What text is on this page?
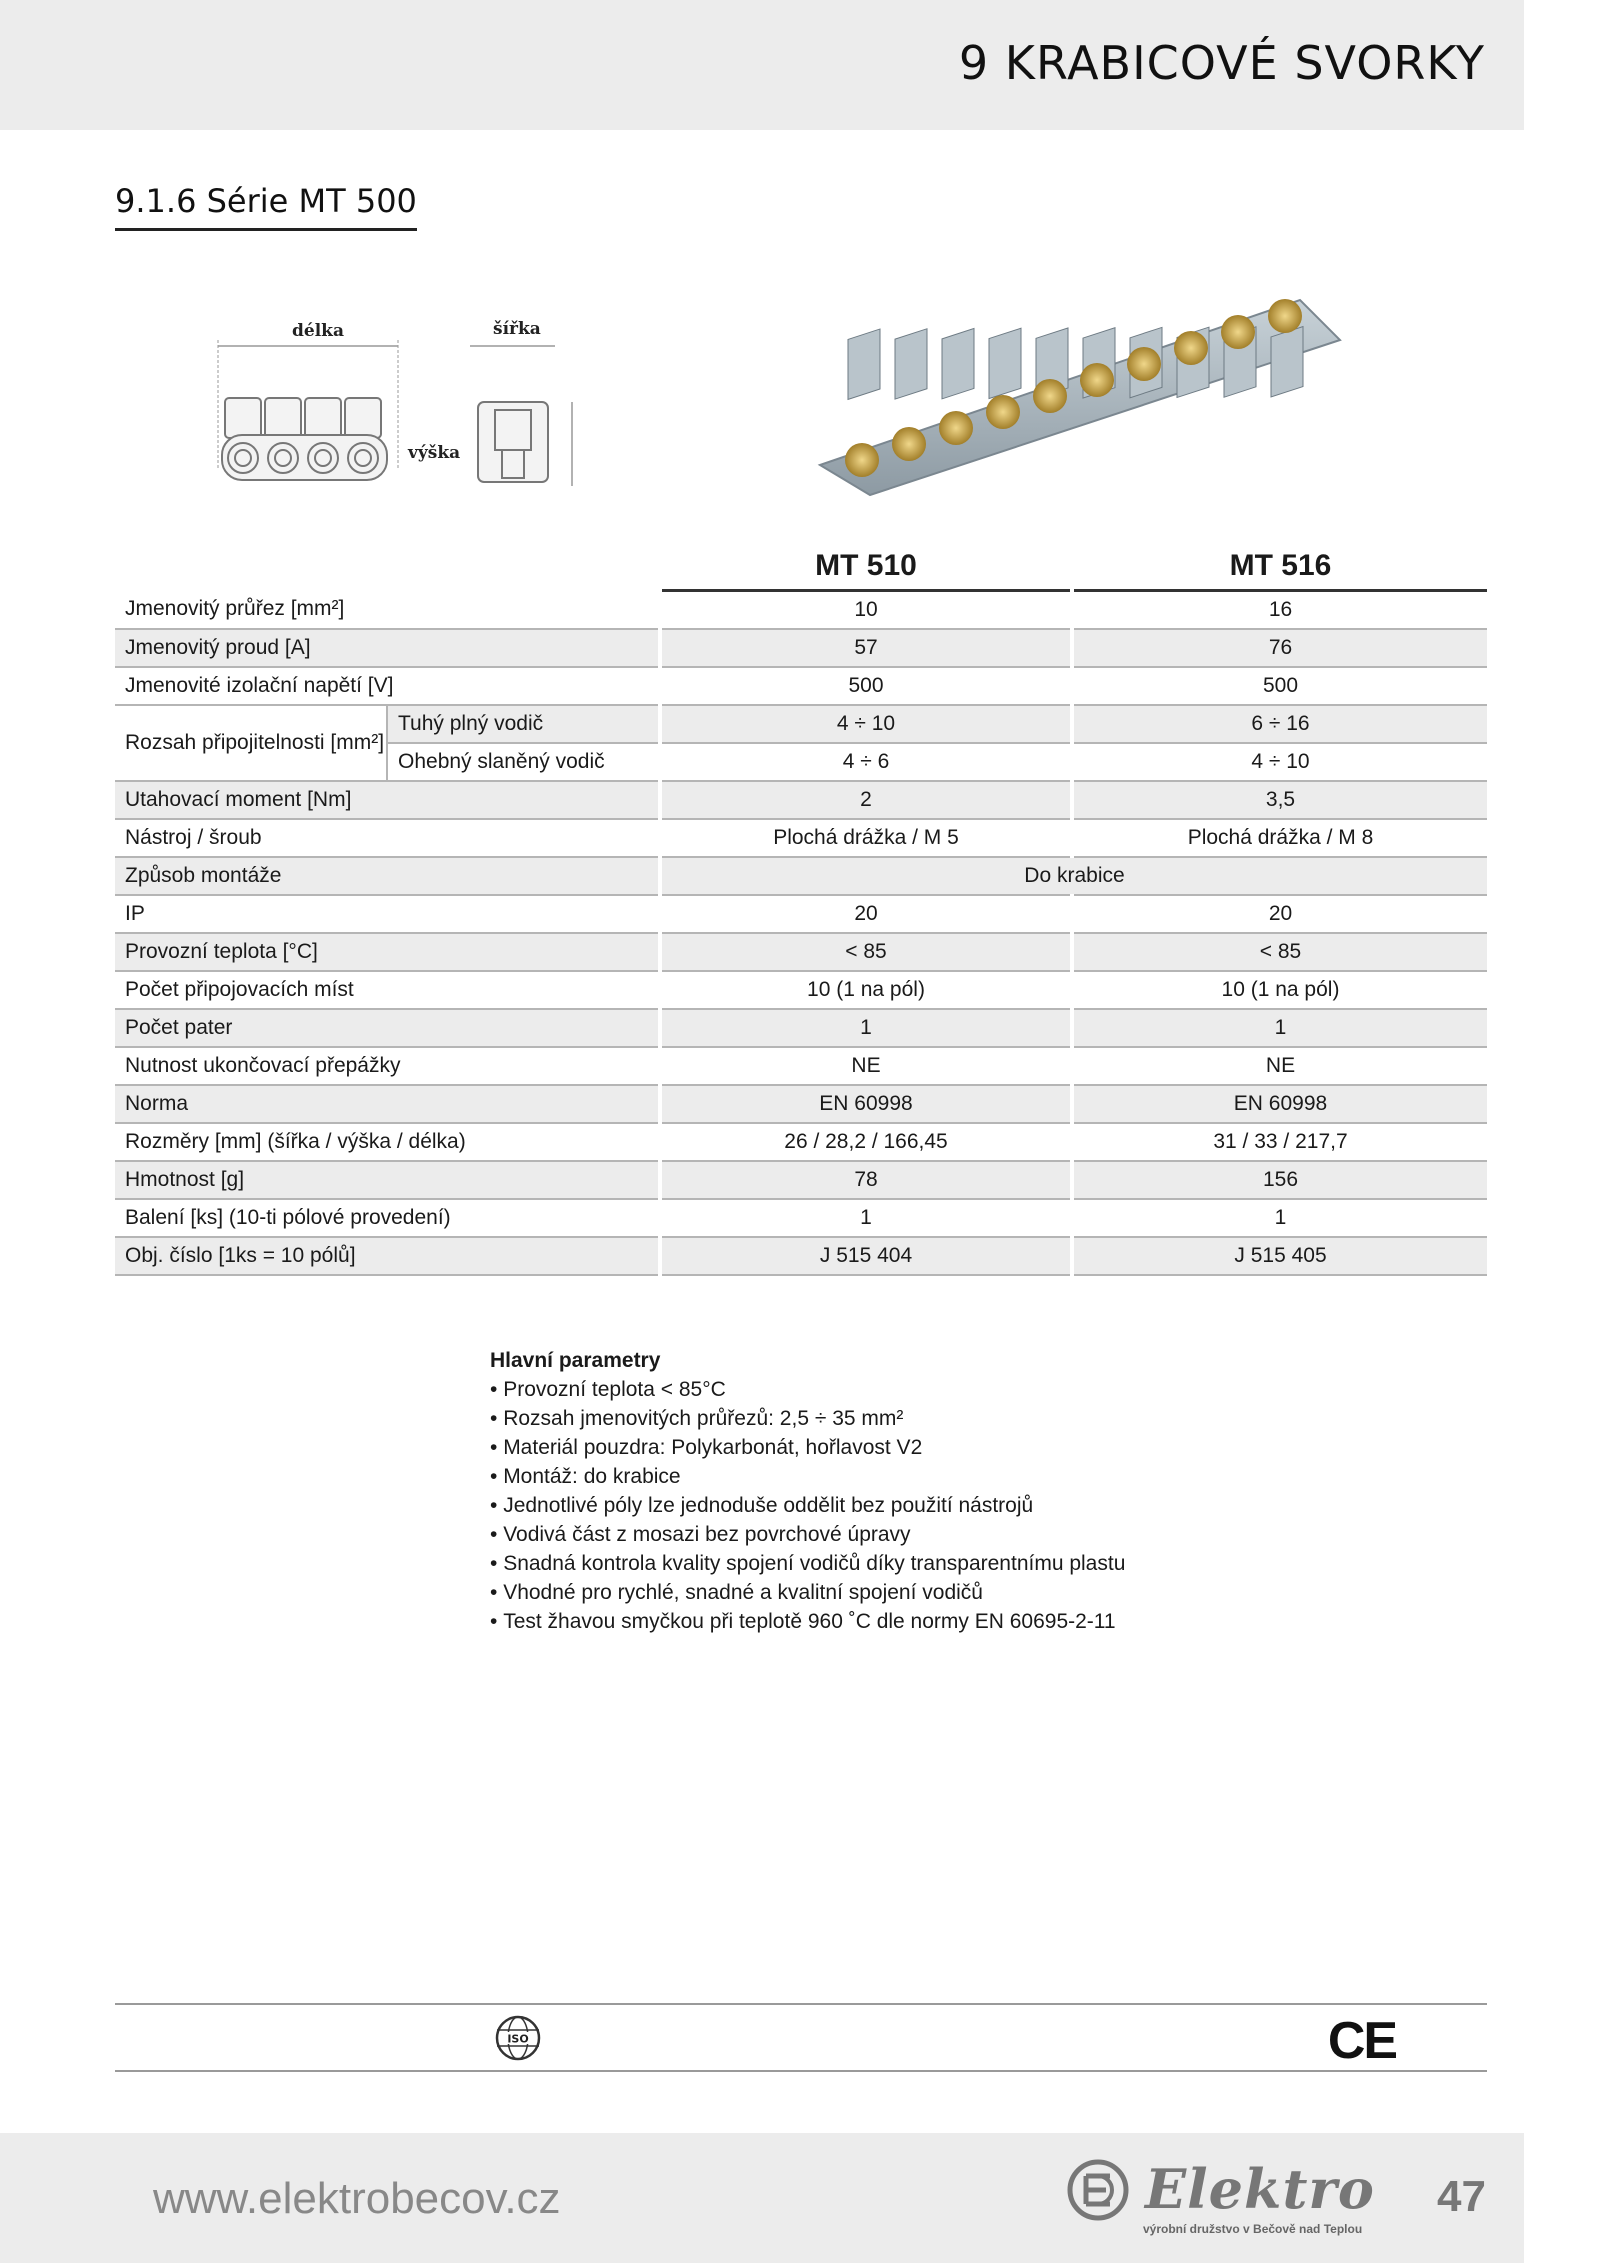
9 KRABICOVÉ SVORKY
9.1.6 Série MT 500
délka	šířka
výška
		MT 510	MT 516
Jmenovitý průřez [mm²]		10	16
Jmenovitý proud [A]		57	76
Jmenovité izolační napětí [V]		500	500
Rozsah připojitelnosti [mm²]	Tuhý plný vodič	4 ÷ 10	6 ÷ 16
	Ohebný slaněný vodič	4 ÷ 6	4 ÷ 10
Utahovací moment [Nm]		2	3,5
Nástroj / šroub		Plochá drážka / M 5	Plochá drážka / M 8
Způsob montáže		Do krabice	
IP		20	20
Provozní teplota [°C]		< 85	< 85
Počet připojovacích míst		10 (1 na pól)	10 (1 na pól)
Počet pater		1	1
Nutnost ukončovací přepážky		NE	NE
Norma		EN 60998	EN 60998
Rozměry [mm] (šířka / výška / délka)		26 / 28,2 / 166,45	31 / 33 / 217,7
Hmotnost [g]		78	156
Balení [ks] (10-ti pólové provedení)		1	1
Obj. číslo [1ks = 10 pólů]		J 515 404	J 515 405
Hlavní parametry
• Provozní teplota < 85°C
• Rozsah jmenovitých průřezů: 2,5 ÷ 35 mm²
• Materiál pouzdra: Polykarbonát, hořlavost V2
• Montáž: do krabice
• Jednotlivé póly lze jednoduše oddělit bez použití nástrojů
• Vodivá část z mosazi bez povrchové úpravy
• Snadná kontrola kvality spojení vodičů díky transparentnímu plastu
• Vhodné pro rychlé, snadné a kvalitní spojení vodičů
• Test žhavou smyčkou při teplotě 960 ˚C dle normy EN 60695-2-11
ISO	CE
www.elektrobecov.cz	Elektro
výrobní družstvo v Bečově nad Teplou
47
